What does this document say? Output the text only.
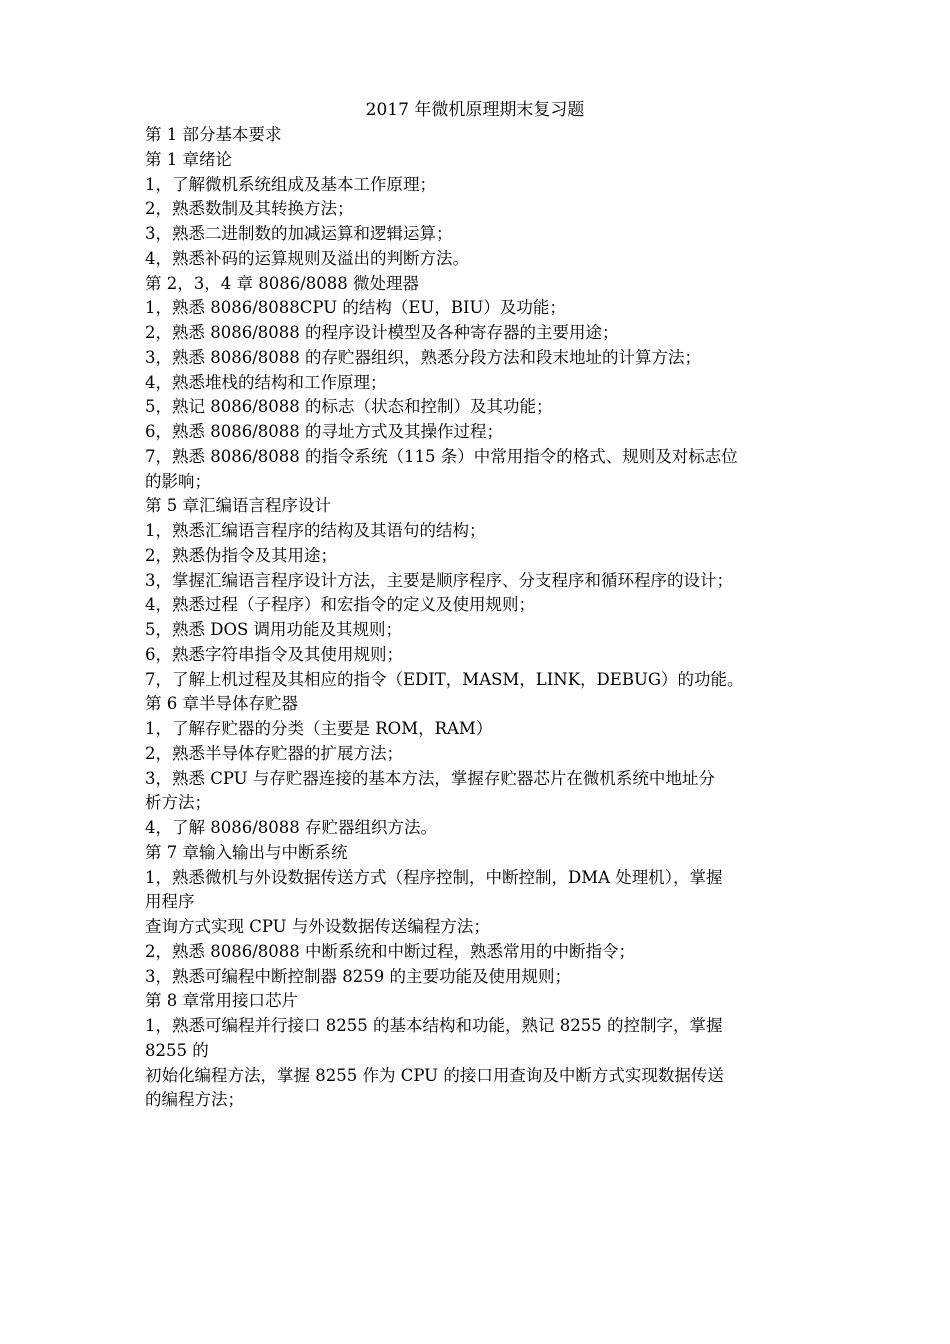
2017 年微机原理期末复习题
第 1 部分基本要求
第 1 章绪论
1，了解微机系统组成及基本工作原理；
2，熟悉数制及其转换方法；
3，熟悉二进制数的加减运算和逻辑运算；
4，熟悉补码的运算规则及溢出的判断方法。
第 2，3，4 章 8086/8088 微处理器
1，熟悉 8086/8088CPU 的结构（EU，BIU）及功能；
2，熟悉 8086/8088 的程序设计模型及各种寄存器的主要用途；
3，熟悉 8086/8088 的存贮器组织，熟悉分段方法和段末地址的计算方法；
4，熟悉堆栈的结构和工作原理；
5，熟记 8086/8088 的标志（状态和控制）及其功能；
6，熟悉 8086/8088 的寻址方式及其操作过程；
7，熟悉 8086/8088 的指令系统（115 条）中常用指令的格式、规则及对标志位
的影响；
第 5 章汇编语言程序设计
1，熟悉汇编语言程序的结构及其语句的结构；
2，熟悉伪指令及其用途；
3，掌握汇编语言程序设计方法，主要是顺序程序、分支程序和循环程序的设计；
4，熟悉过程（子程序）和宏指令的定义及使用规则；
5，熟悉 DOS 调用功能及其规则；
6，熟悉字符串指令及其使用规则；
7，了解上机过程及其相应的指令（EDIT，MASM，LINK，DEBUG）的功能。
第 6 章半导体存贮器
1，了解存贮器的分类（主要是 ROM，RAM）
2，熟悉半导体存贮器的扩展方法；
3，熟悉 CPU 与存贮器连接的基本方法，掌握存贮器芯片在微机系统中地址分
析方法；
4，了解 8086/8088 存贮器组织方法。
第 7 章输入输出与中断系统
1，熟悉微机与外设数据传送方式（程序控制，中断控制，DMA 处理机），掌握
用程序
查询方式实现 CPU 与外设数据传送编程方法；
2，熟悉 8086/8088 中断系统和中断过程，熟悉常用的中断指令；
3，熟悉可编程中断控制器 8259 的主要功能及使用规则；
第 8 章常用接口芯片
1，熟悉可编程并行接口 8255 的基本结构和功能，熟记 8255 的控制字，掌握
8255 的
初始化编程方法，掌握 8255 作为 CPU 的接口用查询及中断方式实现数据传送
的编程方法；
